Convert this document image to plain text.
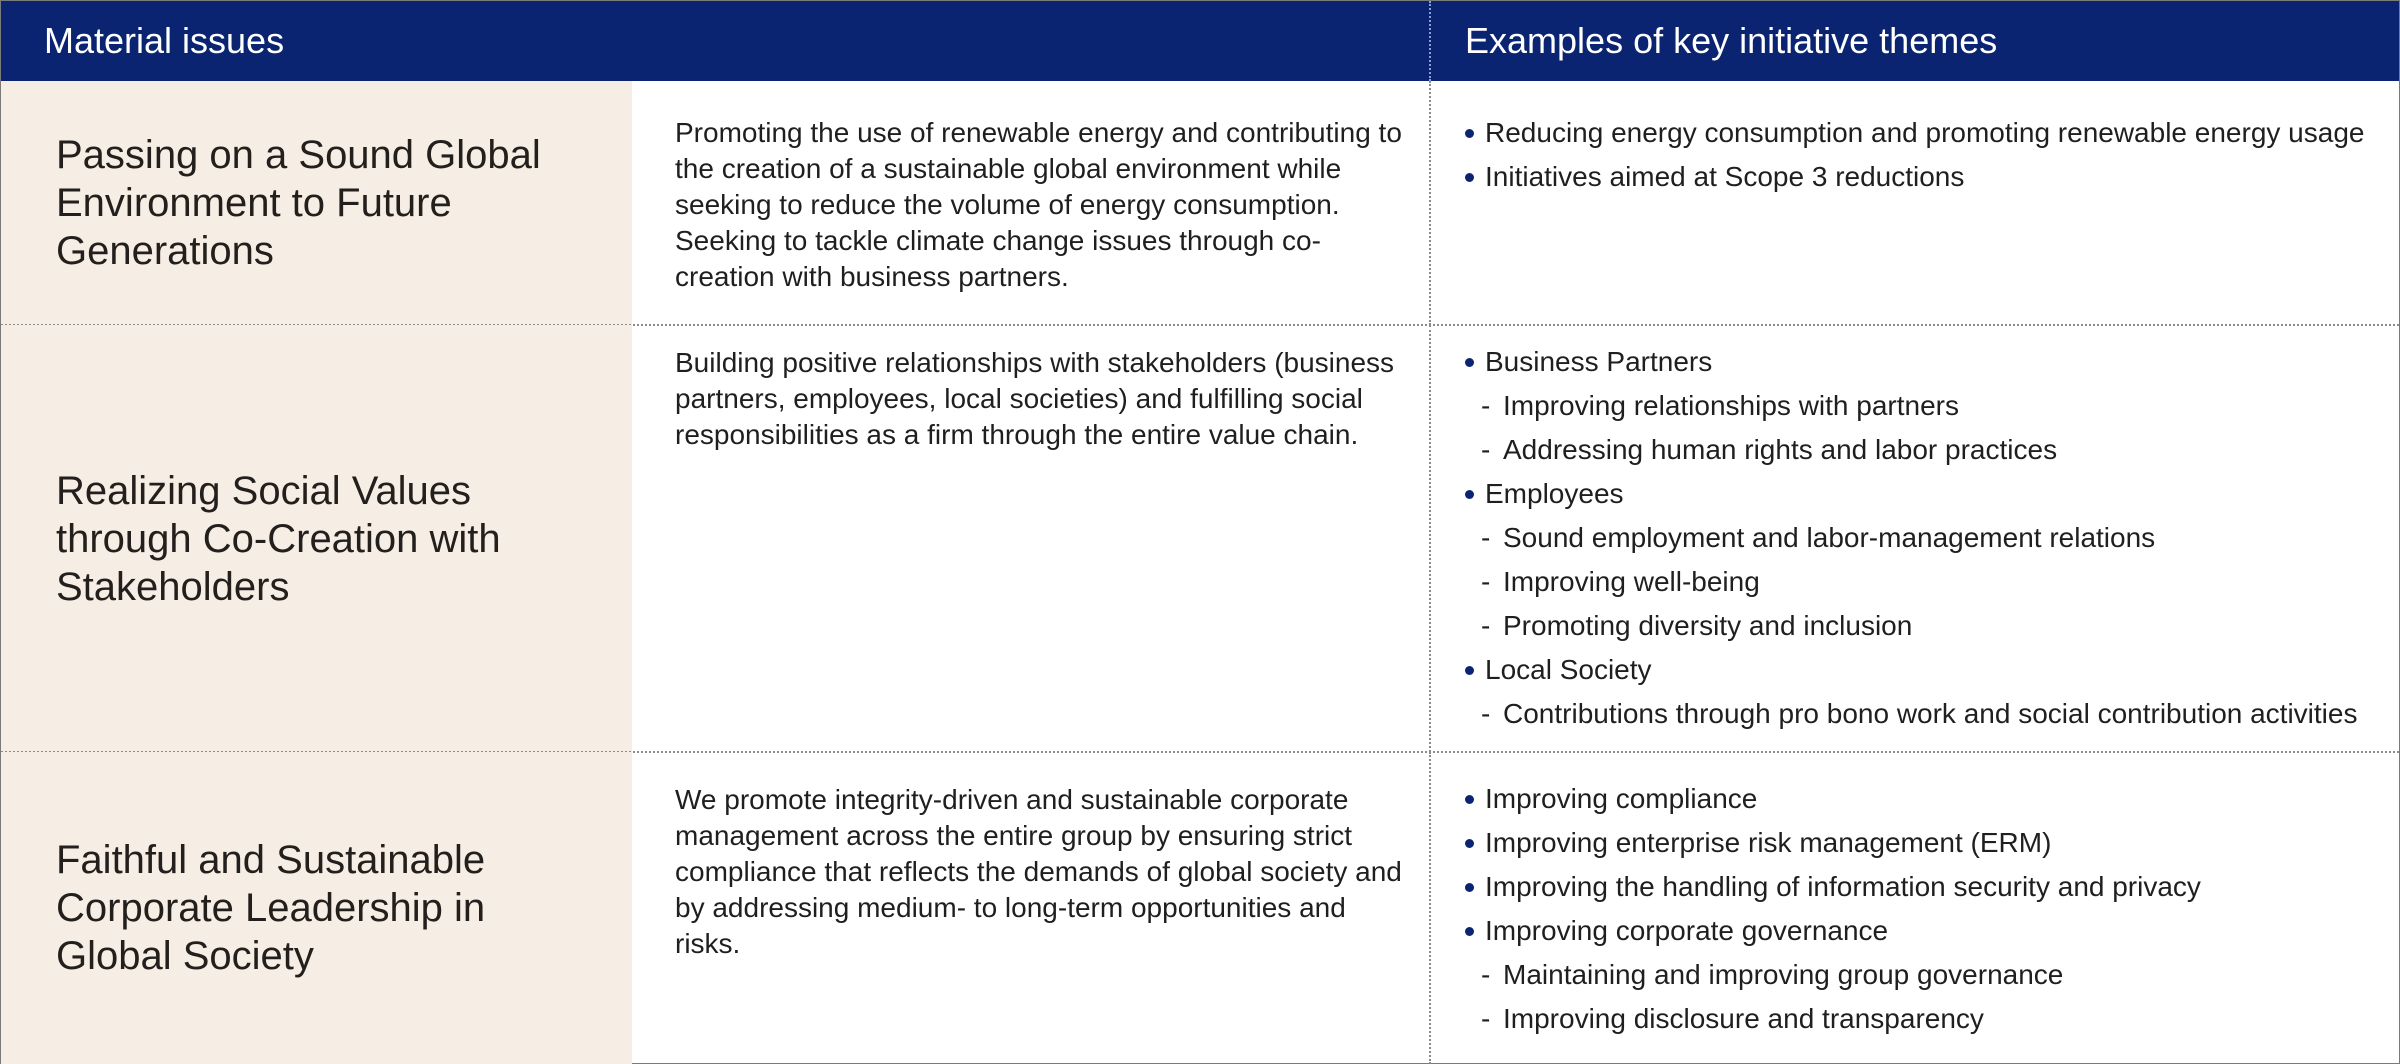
Material issues	Examples of key initiative themes
Passing on a Sound Global Environment to Future Generations
Promoting the use of renewable energy and contributing to the creation of a sustainable global environment while seeking to reduce the volume of energy consumption. Seeking to tackle climate change issues through co-creation with business partners.
Reducing energy consumption and promoting renewable energy usage
Initiatives aimed at Scope 3 reductions
Realizing Social Values through Co-Creation with Stakeholders
Building positive relationships with stakeholders (business partners, employees, local societies) and fulfilling social responsibilities as a firm through the entire value chain.
Business Partners
- Improving relationships with partners
- Addressing human rights and labor practices
Employees
- Sound employment and labor-management relations
- Improving well-being
- Promoting diversity and inclusion
Local Society
- Contributions through pro bono work and social contribution activities
Faithful and Sustainable Corporate Leadership in Global Society
We promote integrity-driven and sustainable corporate management across the entire group by ensuring strict compliance that reflects the demands of global society and by addressing medium- to long-term opportunities and risks.
Improving compliance
Improving enterprise risk management (ERM)
Improving the handling of information security and privacy
Improving corporate governance
- Maintaining and improving group governance
- Improving disclosure and transparency
